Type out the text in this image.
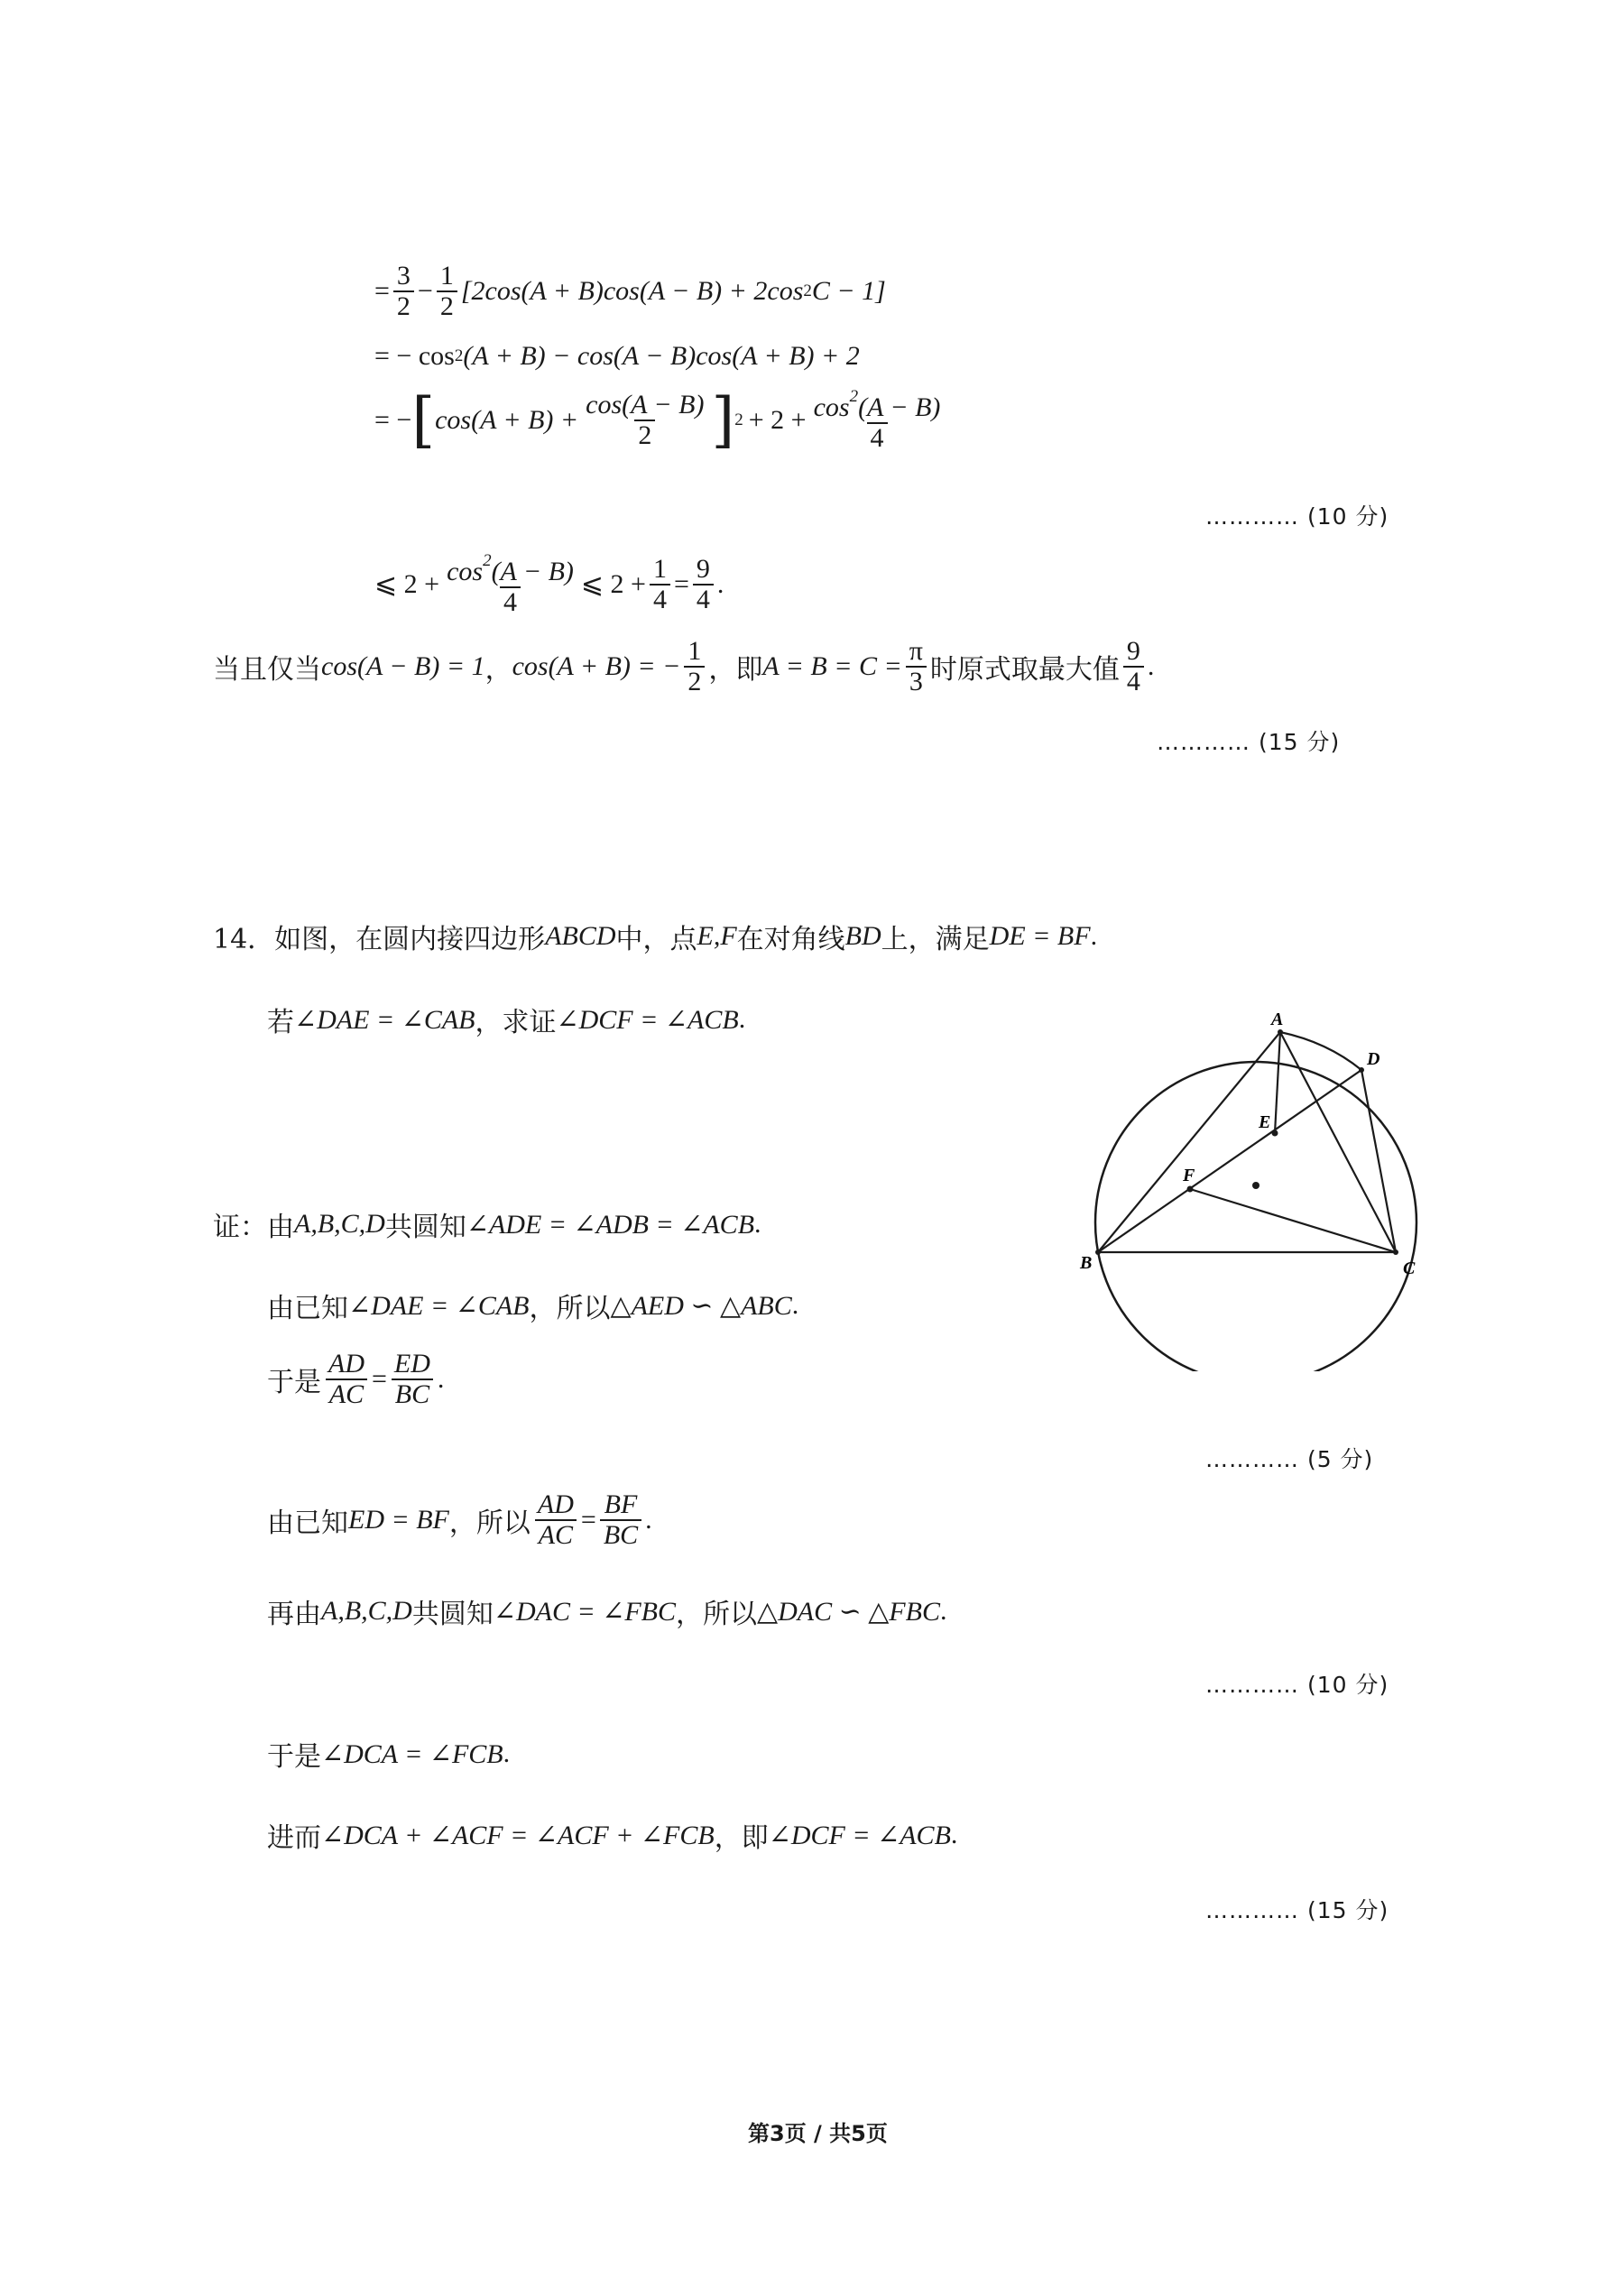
= $\frac{3}{2} - \frac{1}{2} [2\cos(A + B)\cos(A - B) + 2\cos$ 2 C − 1]
= − cos 2 (A + B) − cos(A − B)cos(A + B) + 2
= − [ $\cos(A + B) + \frac{\cos(A - B)}{2}$ ] $2 + 2 + \frac{\cos^2(A - B)}{4}$
………… (10 分)
⩽ $2 + \frac{\cos^2(A - B)}{4}$ ⩽ $2 + \frac{1}{4} = \frac{9}{4}$ .
当且仅当 cos(A − B) = 1 ， cos(A + B) = − $\frac{1}{2}$ ，即 $A = B = C = \frac{\pi}{3}$ 时原式取最大值 $\frac{9}{4}$ .
………… (15 分)
14．如图，在圆内接四边形 ABCD 中，点 E,F 在对角线 BD 上，满足 DE = BF .
若 ∠DAE = ∠CAB ，求证 ∠DCF = ∠ACB .	A
D
E
F
B	C
证：由 A,B,C,D 共圆知 ∠ADE = ∠ADB = ∠ACB .
由已知 ∠DAE = ∠CAB ，所以 △AED ∽ △ABC .
于是 $\frac{AD}{AC} = \frac{ED}{BC}$ .
………… (5 分)
由已知 ED = BF ，所以 $\frac{AD}{AC} = \frac{BF}{BC}$ .
再由 A,B,C,D 共圆知 ∠DAC = ∠FBC ，所以 △DAC ∽ △FBC .
………… (10 分)
于是 ∠DCA = ∠FCB .
进而 ∠DCA + ∠ACF = ∠ACF + ∠FCB ，即 ∠DCF = ∠ACB .
………… (15 分)
第3页 / 共5页
